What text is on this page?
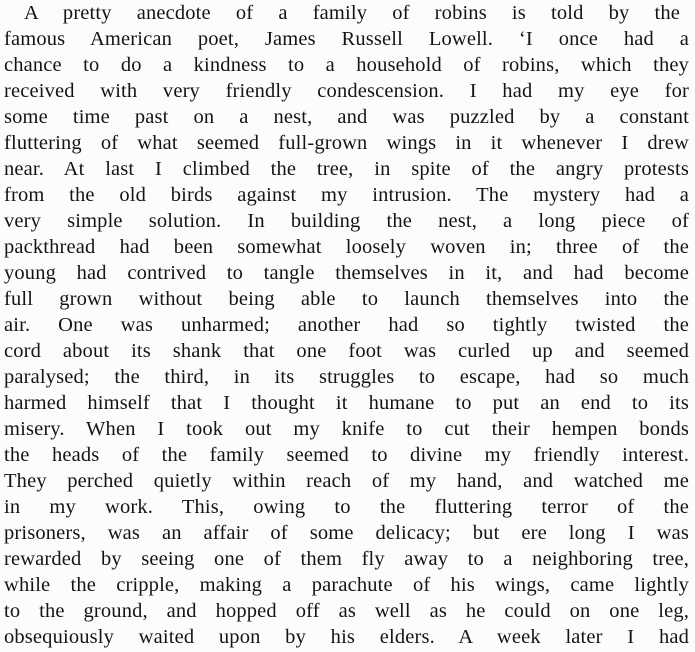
A pretty anecdote of a family of robins is told by the
famous American poet, James Russell Lowell. ‘I once had a
chance to do a kindness to a household of robins, which they
received with very friendly condescension. I had my eye for
some time past on a nest, and was puzzled by a constant
fluttering of what seemed full-grown wings in it whenever I drew
near. At last I climbed the tree, in spite of the angry protests
from the old birds against my intrusion. The mystery had a
very simple solution. In building the nest, a long piece of
packthread had been somewhat loosely woven in; three of the
young had contrived to tangle themselves in it, and had become
full grown without being able to launch themselves into the
air. One was unharmed; another had so tightly twisted the
cord about its shank that one foot was curled up and seemed
paralysed; the third, in its struggles to escape, had so much
harmed himself that I thought it humane to put an end to its
misery. When I took out my knife to cut their hempen bonds
the heads of the family seemed to divine my friendly interest.
They perched quietly within reach of my hand, and watched me
in my work. This, owing to the fluttering terror of the
prisoners, was an affair of some delicacy; but ere long I was
rewarded by seeing one of them fly away to a neighboring tree,
while the cripple, making a parachute of his wings, came lightly
to the ground, and hopped off as well as he could on one leg,
obsequiously waited upon by his elders. A week later I had
